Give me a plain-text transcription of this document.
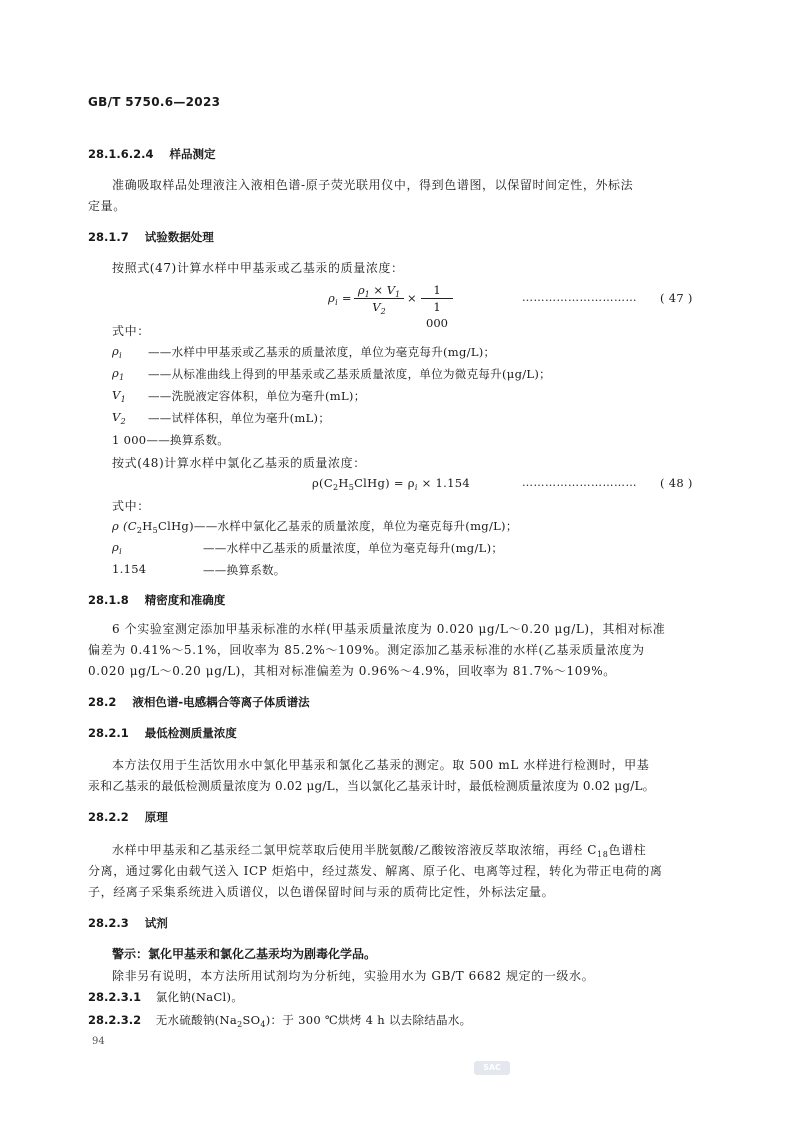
GB/T 5750.6—2023
28.1.6.2.4 样品测定
准确吸取样品处理液注入液相色谱-原子荧光联用仪中，得到色谱图，以保留时间定性，外标法
定量。
28.1.7 试验数据处理
按照式(47)计算水样中甲基汞或乙基汞的质量浓度：
$\rho_i$ =
$\rho_1 \times V_1$
$V_2$
×
1
1 000
………………………… ( 47 )
式中：
$\rho_i$ ——水样中甲基汞或乙基汞的质量浓度，单位为毫克每升(mg/L)；
$\rho_1$ ——从标准曲线上得到的甲基汞或乙基汞质量浓度，单位为微克每升(μg/L)；
$V_1$ ——洗脱液定容体积，单位为毫升(mL)；
$V_2$ ——试样体积，单位为毫升(mL)；
1 000——换算系数。
按式(48)计算水样中氯化乙基汞的质量浓度：
$\rho(C_2H_5ClHg) = \rho_i \times 1.154$	………………………… ( 48 )
式中：
ρ $(C_2H_5ClHg)——$水样中氯化乙基汞的质量浓度，单位为毫克每升(mg/L)；
$\rho_i$	——水样中乙基汞的质量浓度，单位为毫克每升(mg/L)；
1.154	——换算系数。
28.1.8 精密度和准确度
6 个实验室测定添加甲基汞标准的水样(甲基汞质量浓度为 0.020 μg/L～0.20 μg/L)，其相对标准
偏差为 0.41%～5.1%，回收率为 85.2%～109%。测定添加乙基汞标准的水样(乙基汞质量浓度为
0.020 μg/L～0.20 μg/L)，其相对标准偏差为 0.96%～4.9%，回收率为 81.7%～109%。
28.2 液相色谱-电感耦合等离子体质谱法
28.2.1 最低检测质量浓度
本方法仅用于生活饮用水中氯化甲基汞和氯化乙基汞的测定。取 500 mL 水样进行检测时，甲基
汞和乙基汞的最低检测质量浓度为 0.02 μg/L，当以氯化乙基汞计时，最低检测质量浓度为 0.02 μg/L。
28.2.2 原理
水样中甲基汞和乙基汞经二氯甲烷萃取后使用半胱氨酸/乙酸铵溶液反萃取浓缩，再经 $C_{18}$色谱柱
分离，通过雾化由载气送入 ICP 炬焰中，经过蒸发、解离、原子化、电离等过程，转化为带正电荷的离
子，经离子采集系统进入质谱仪，以色谱保留时间与汞的质荷比定性，外标法定量。
28.2.3 试剂
警示：氯化甲基汞和氯化乙基汞均为剧毒化学品。
除非另有说明，本方法所用试剂均为分析纯，实验用水为 GB/T 6682 规定的一级水。
28.2.3.1 氯化钠(NaCl)。
28.2.3.2 无水硫酸钠$(Na_2SO_4)$：于 300 ℃烘烤 4 h 以去除结晶水。
94
SAC
